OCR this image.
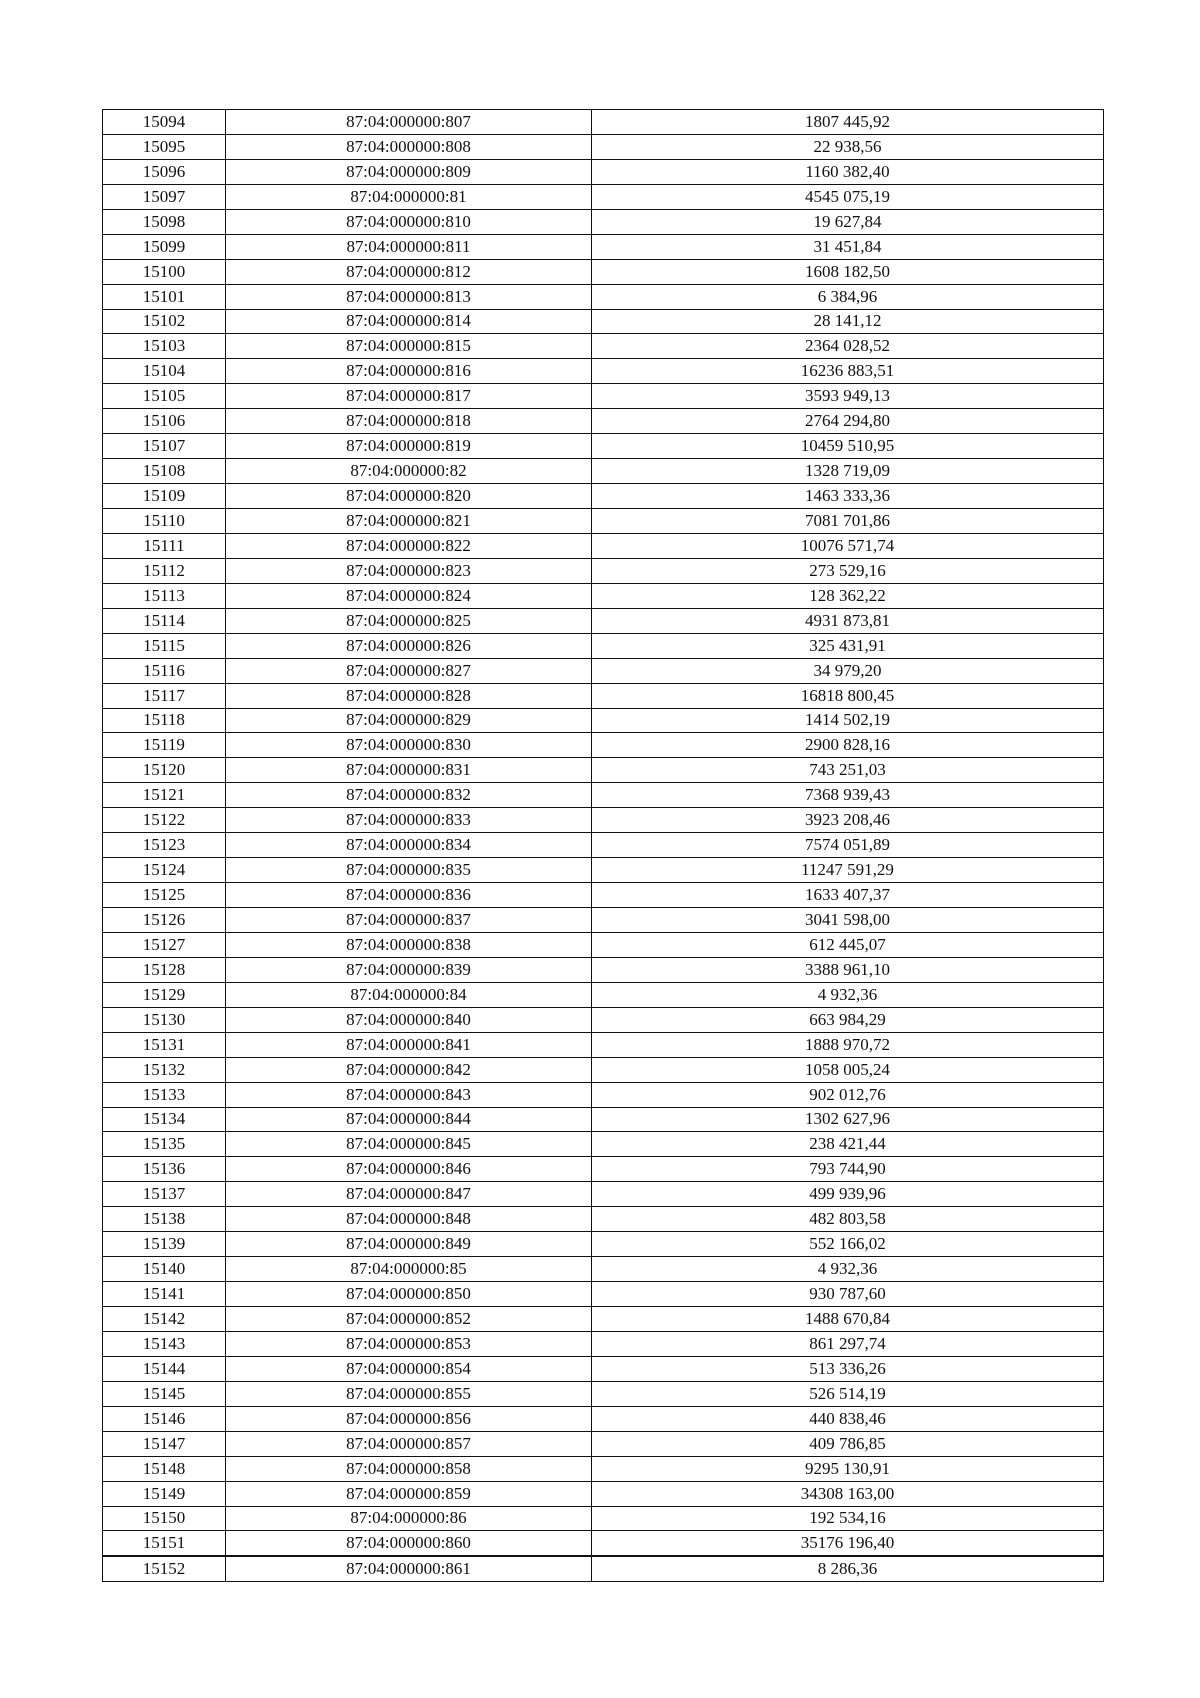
15094	87:04:000000:807	1807 445,92
15095	87:04:000000:808	22 938,56
15096	87:04:000000:809	1160 382,40
15097	87:04:000000:81	4545 075,19
15098	87:04:000000:810	19 627,84
15099	87:04:000000:811	31 451,84
15100	87:04:000000:812	1608 182,50
15101	87:04:000000:813	6 384,96
15102	87:04:000000:814	28 141,12
15103	87:04:000000:815	2364 028,52
15104	87:04:000000:816	16236 883,51
15105	87:04:000000:817	3593 949,13
15106	87:04:000000:818	2764 294,80
15107	87:04:000000:819	10459 510,95
15108	87:04:000000:82	1328 719,09
15109	87:04:000000:820	1463 333,36
15110	87:04:000000:821	7081 701,86
15111	87:04:000000:822	10076 571,74
15112	87:04:000000:823	273 529,16
15113	87:04:000000:824	128 362,22
15114	87:04:000000:825	4931 873,81
15115	87:04:000000:826	325 431,91
15116	87:04:000000:827	34 979,20
15117	87:04:000000:828	16818 800,45
15118	87:04:000000:829	1414 502,19
15119	87:04:000000:830	2900 828,16
15120	87:04:000000:831	743 251,03
15121	87:04:000000:832	7368 939,43
15122	87:04:000000:833	3923 208,46
15123	87:04:000000:834	7574 051,89
15124	87:04:000000:835	11247 591,29
15125	87:04:000000:836	1633 407,37
15126	87:04:000000:837	3041 598,00
15127	87:04:000000:838	612 445,07
15128	87:04:000000:839	3388 961,10
15129	87:04:000000:84	4 932,36
15130	87:04:000000:840	663 984,29
15131	87:04:000000:841	1888 970,72
15132	87:04:000000:842	1058 005,24
15133	87:04:000000:843	902 012,76
15134	87:04:000000:844	1302 627,96
15135	87:04:000000:845	238 421,44
15136	87:04:000000:846	793 744,90
15137	87:04:000000:847	499 939,96
15138	87:04:000000:848	482 803,58
15139	87:04:000000:849	552 166,02
15140	87:04:000000:85	4 932,36
15141	87:04:000000:850	930 787,60
15142	87:04:000000:852	1488 670,84
15143	87:04:000000:853	861 297,74
15144	87:04:000000:854	513 336,26
15145	87:04:000000:855	526 514,19
15146	87:04:000000:856	440 838,46
15147	87:04:000000:857	409 786,85
15148	87:04:000000:858	9295 130,91
15149	87:04:000000:859	34308 163,00
15150	87:04:000000:86	192 534,16
15151	87:04:000000:860	35176 196,40
15152	87:04:000000:861	8 286,36
